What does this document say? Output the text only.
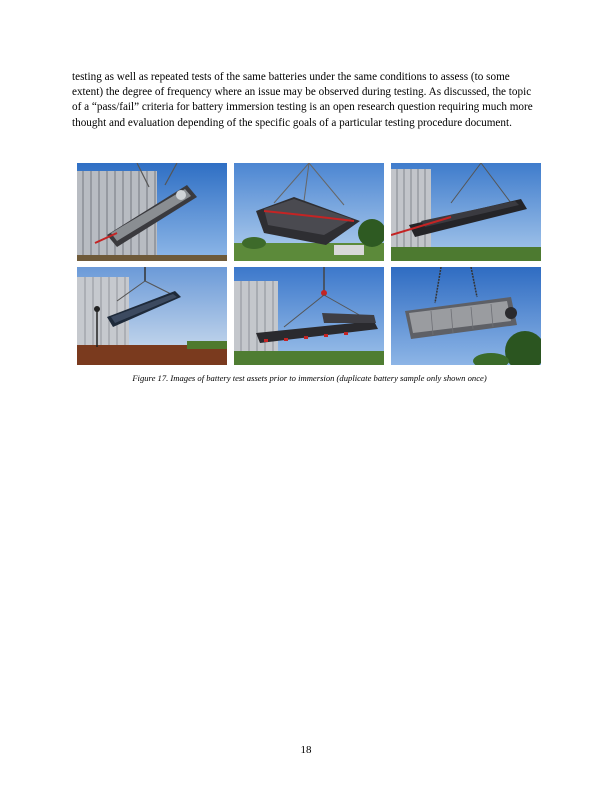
testing as well as repeated tests of the same batteries under the same conditions to assess (to some extent) the degree of frequency where an issue may be observed during testing. As discussed, the topic of a “pass/fail” criteria for battery immersion testing is an open research question requiring much more thought and evaluation depending of the specific goals of a particular testing procedure document.

Figure 17. Images of battery test assets prior to immersion (duplicate battery sample only shown once)
18
